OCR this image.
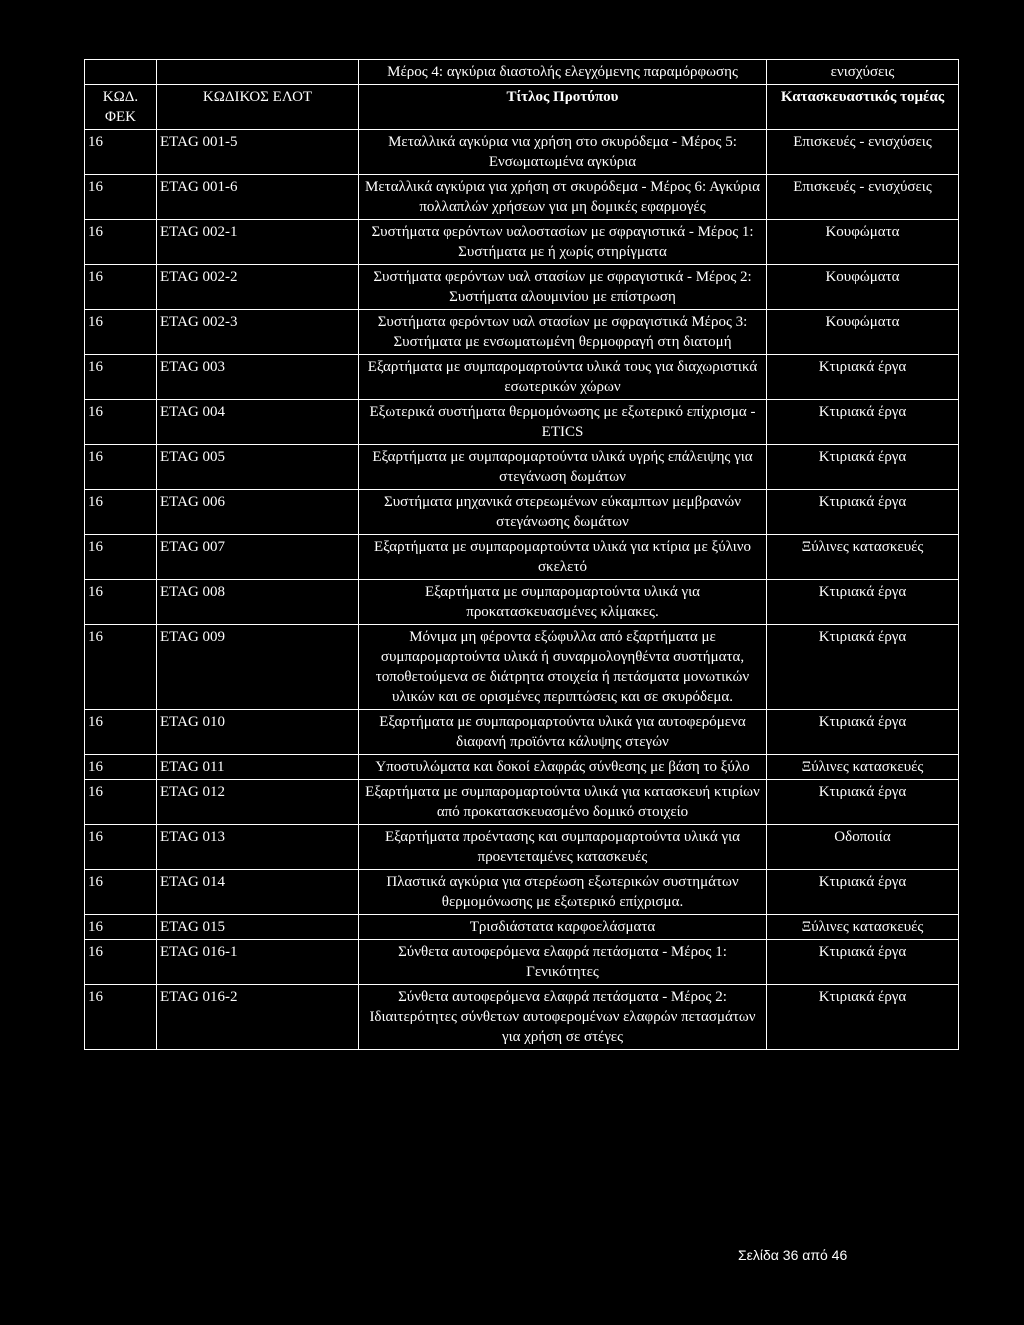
		Μέρος 4: αγκύρια διαστολής ελεγχόμενης παραμόρφωσης	ενισχύσεις
ΚΩΔ. ΦΕΚ	ΚΩΔΙΚΟΣ ΕΛΟΤ	Τίτλος Προτύπου	Κατασκευαστικός τομέας
16	ETAG 001-5	Μεταλλικά αγκύρια νια χρήση στο σκυρόδεμα - Μέρος 5: Ενσωματωμένα αγκύρια	Επισκευές - ενισχύσεις
16	ETAG 001-6	Μεταλλικά αγκύρια για χρήση στ σκυρόδεμα - Μέρος 6: Αγκύρια πολλαπλών χρήσεων για μη δομικές εφαρμογές	Επισκευές - ενισχύσεις
16	ETAG 002-1	Συστήματα φερόντων υαλοστασίων με σφραγιστικά - Μέρος 1: Συστήματα με ή χωρίς στηρίγματα	Κουφώματα
16	ETAG 002-2	Συστήματα φερόντων υαλ στασίων με σφραγιστικά - Μέρος 2: Συστήματα αλουμινίου με επίστρωση	Κουφώματα
16	ETAG 002-3	Συστήματα φερόντων υαλ στασίων με σφραγιστικά Μέρος 3: Συστήματα με ενσωματωμένη θερμοφραγή στη διατομή	Κουφώματα
16	ETAG 003	Εξαρτήματα με συμπαρομαρτούντα υλικά τους για διαχωριστικά εσωτερικών χώρων	Κτιριακά έργα
16	ETAG 004	Εξωτερικά συστήματα θερμομόνωσης με εξωτερικό επίχρισμα - ETICS	Κτιριακά έργα
16	ETAG 005	Εξαρτήματα με συμπαρομαρτούντα υλικά υγρής επάλειψης για στεγάνωση δωμάτων	Κτιριακά έργα
16	ETAG 006	Συστήματα μηχανικά στερεωμένων εύκαμπτων μεμβρανών στεγάνωσης δωμάτων	Κτιριακά έργα
16	ETAG 007	Εξαρτήματα με συμπαρομαρτούντα υλικά για κτίρια με ξύλινο σκελετό	Ξύλινες κατασκευές
16	ETAG 008	Εξαρτήματα με συμπαρομαρτούντα υλικά για προκατασκευασμένες κλίμακες.	Κτιριακά έργα
16	ETAG 009	Μόνιμα μη φέροντα εξώφυλλα από εξαρτήματα με συμπαρομαρτούντα υλικά ή συναρμολογηθέντα συστήματα, τοποθετούμενα σε διάτρητα στοιχεία ή πετάσματα μονωτικών υλικών και σε ορισμένες περιπτώσεις και σε σκυρόδεμα.	Κτιριακά έργα
16	ETAG 010	Εξαρτήματα με συμπαρομαρτούντα υλικά για αυτοφερόμενα διαφανή προϊόντα κάλυψης στεγών	Κτιριακά έργα
16	ETAG 011	Υποστυλώματα και δοκοί ελαφράς σύνθεσης με βάση το ξύλο	Ξύλινες κατασκευές
16	ETAG 012	Εξαρτήματα με συμπαρομαρτούντα υλικά για κατασκευή κτιρίων από προκατασκευασμένο δομικό στοιχείο	Κτιριακά έργα
16	ETAG 013	Εξαρτήματα προέντασης και συμπαρομαρτούντα υλικά για προεντεταμένες κατασκευές	Οδοποιία
16	ETAG 014	Πλαστικά αγκύρια για στερέωση εξωτερικών συστημάτων θερμομόνωσης με εξωτερικό επίχρισμα.	Κτιριακά έργα
16	ETAG 015	Τρισδιάστατα καρφοελάσματα	Ξύλινες κατασκευές
16	ETAG 016-1	Σύνθετα αυτοφερόμενα ελαφρά πετάσματα - Μέρος 1: Γενικότητες	Κτιριακά έργα
16	ETAG 016-2	Σύνθετα αυτοφερόμενα ελαφρά πετάσματα - Μέρος 2: Ιδιαιτερότητες σύνθετων αυτοφερομένων ελαφρών πετασμάτων για χρήση σε στέγες	Κτιριακά έργα
Σελίδα 36 από 46
